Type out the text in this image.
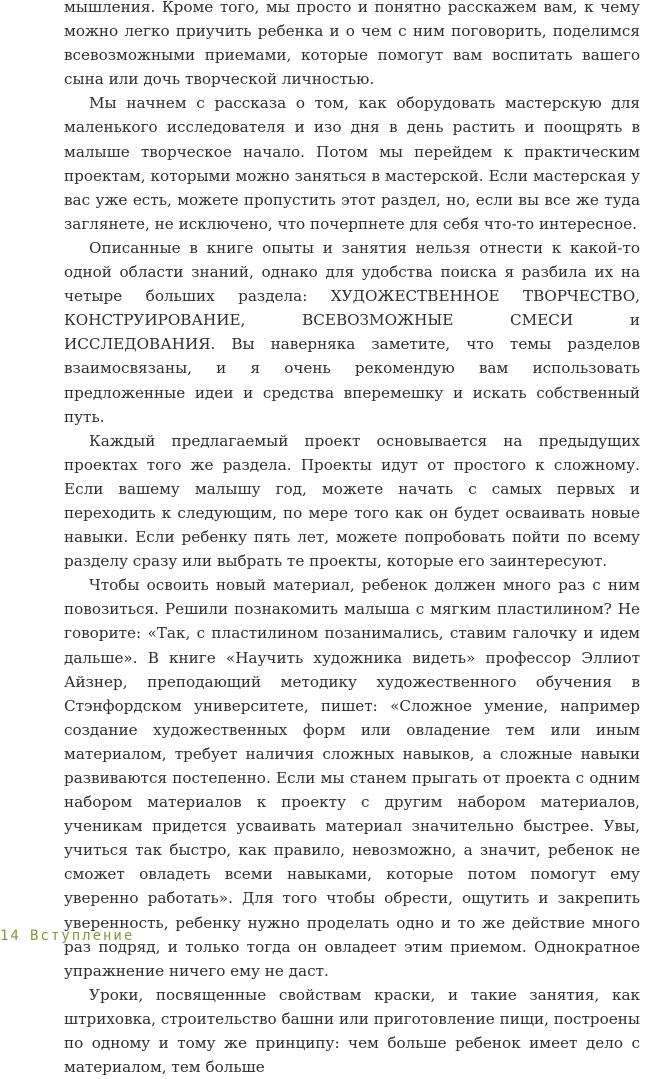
мышления. Кроме того, мы просто и понятно расскажем вам, к чему можно легко приучить ребенка и о чем с ним поговорить, поделимся всевозможными приемами, которые помогут вам воспитать вашего сына или дочь творческой личностью.

Мы начнем с рассказа о том, как оборудовать мастерскую для маленького исследователя и изо дня в день растить и поощрять в малыше творческое начало. Потом мы перейдем к практическим проектам, которыми можно заняться в мастерской. Если мастерская у вас уже есть, можете пропустить этот раздел, но, если вы все же туда заглянете, не исключено, что почерпнете для себя что-то интересное.

Описанные в книге опыты и занятия нельзя отнести к какой-то одной области знаний, однако для удобства поиска я разбила их на четыре больших раздела: ХУДОЖЕСТВЕННОЕ ТВОРЧЕСТВО, КОНСТРУИРОВАНИЕ, ВСЕВОЗМОЖНЫЕ СМЕСИ и ИССЛЕДОВАНИЯ. Вы наверняка заметите, что темы разделов взаимосвязаны, и я очень рекомендую вам использовать предложенные идеи и средства вперемешку и искать собственный путь.

Каждый предлагаемый проект основывается на предыдущих проектах того же раздела. Проекты идут от простого к сложному. Если вашему малышу год, можете начать с самых первых и переходить к следующим, по мере того как он будет осваивать новые навыки. Если ребенку пять лет, можете попробовать пойти по всему разделу сразу или выбрать те проекты, которые его заинтересуют.

Чтобы освоить новый материал, ребенок должен много раз с ним повозиться. Решили познакомить малыша с мягким пластилином? Не говорите: «Так, с пластилином позанимались, ставим галочку и идем дальше». В книге «Научить художника видеть» профессор Эллиот Айзнер, преподающий методику художественного обучения в Стэнфордском университете, пишет: «Сложное умение, например создание художественных форм или овладение тем или иным материалом, требует наличия сложных навыков, а сложные навыки развиваются постепенно. Если мы станем прыгать от проекта с одним набором материалов к проекту с другим набором материалов, ученикам придется усваивать материал значительно быстрее. Увы, учиться так быстро, как правило, невозможно, а значит, ребенок не сможет овладеть всеми навыками, которые потом помогут ему уверенно работать». Для того чтобы обрести, ощутить и закрепить уверенность, ребенку нужно проделать одно и то же действие много раз подряд, и только тогда он овладеет этим приемом. Однократное упражнение ничего ему не даст.

Уроки, посвященные свойствам краски, и такие занятия, как штриховка, строительство башни или приготовление пищи, построены по одному и тому же принципу: чем больше ребенок имеет дело с материалом, тем больше

14 Вступление
